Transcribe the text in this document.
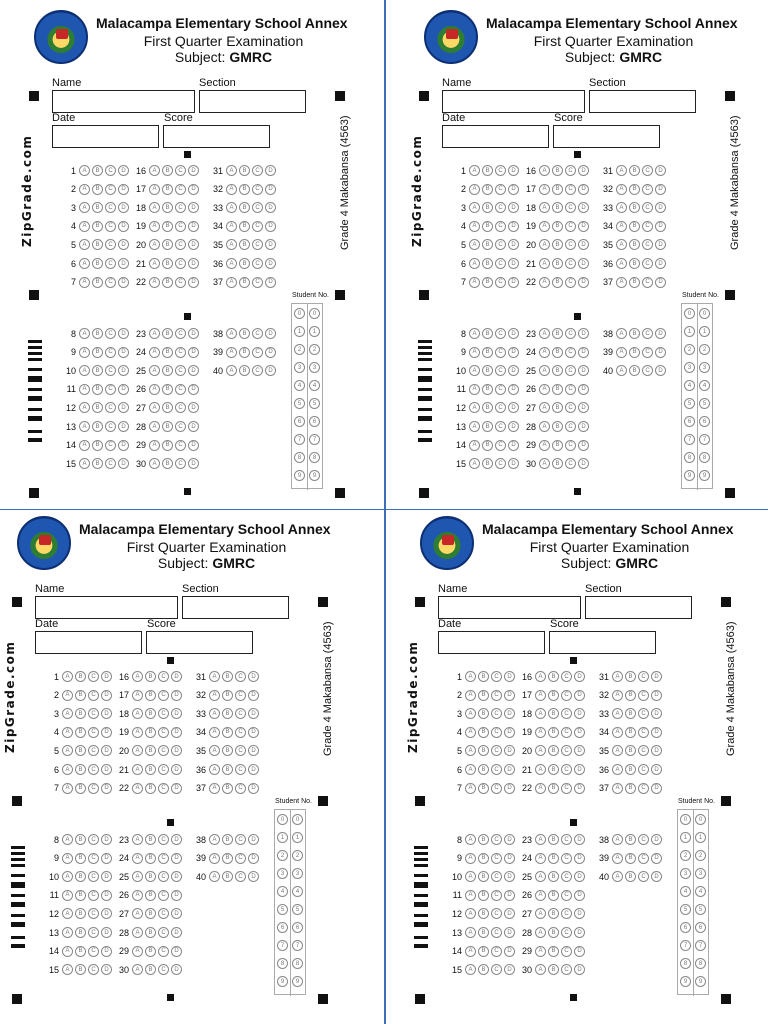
Malacampa Elementary School Annex
First Quarter Examination
Subject: GMRC
Name	Section
Date	Score
ZipGrade.com	Grade 4 Makabansa (4563)
1	A	B	C	D
2	A	B	C	D
3	A	B	C	D
4	A	B	C	D
5	A	B	C	D
6	A	B	C	D
7	A	B	C	D
16	A	B	C	D
17	A	B	C	D
18	A	B	C	D
19	A	B	C	D
20	A	B	C	D
21	A	B	C	D
22	A	B	C	D
31	A	B	C	D
32	A	B	C	D
33	A	B	C	D
34	A	B	C	D
35	A	B	C	D
36	A	B	C	D
37	A	B	C	D
8	A	B	C	D
9	A	B	C	D
10	A	B	C	D
11	A	B	C	D
12	A	B	C	D
13	A	B	C	D
14	A	B	C	D
15	A	B	C	D
23	A	B	C	D
24	A	B	C	D
25	A	B	C	D
26	A	B	C	D
27	A	B	C	D
28	A	B	C	D
29	A	B	C	D
30	A	B	C	D
38	A	B	C	D
39	A	B	C	D
40	A	B	C	D
Student No.
0	0
1	1
2	2
3	3
4	4
5	5
6	6
7	7
8	8
9	9
Malacampa Elementary School Annex
First Quarter Examination
Subject: GMRC
Name	Section
Date	Score
ZipGrade.com	Grade 4 Makabansa (4563)
1	A	B	C	D
2	A	B	C	D
3	A	B	C	D
4	A	B	C	D
5	A	B	C	D
6	A	B	C	D
7	A	B	C	D
16	A	B	C	D
17	A	B	C	D
18	A	B	C	D
19	A	B	C	D
20	A	B	C	D
21	A	B	C	D
22	A	B	C	D
31	A	B	C	D
32	A	B	C	D
33	A	B	C	D
34	A	B	C	D
35	A	B	C	D
36	A	B	C	D
37	A	B	C	D
8	A	B	C	D
9	A	B	C	D
10	A	B	C	D
11	A	B	C	D
12	A	B	C	D
13	A	B	C	D
14	A	B	C	D
15	A	B	C	D
23	A	B	C	D
24	A	B	C	D
25	A	B	C	D
26	A	B	C	D
27	A	B	C	D
28	A	B	C	D
29	A	B	C	D
30	A	B	C	D
38	A	B	C	D
39	A	B	C	D
40	A	B	C	D
Student No.
0	0
1	1
2	2
3	3
4	4
5	5
6	6
7	7
8	8
9	9
Malacampa Elementary School Annex
First Quarter Examination
Subject: GMRC
Name	Section
Date	Score
ZipGrade.com	Grade 4 Makabansa (4563)
1	A	B	C	D
2	A	B	C	D
3	A	B	C	D
4	A	B	C	D
5	A	B	C	D
6	A	B	C	D
7	A	B	C	D
16	A	B	C	D
17	A	B	C	D
18	A	B	C	D
19	A	B	C	D
20	A	B	C	D
21	A	B	C	D
22	A	B	C	D
31	A	B	C	D
32	A	B	C	D
33	A	B	C	D
34	A	B	C	D
35	A	B	C	D
36	A	B	C	D
37	A	B	C	D
8	A	B	C	D
9	A	B	C	D
10	A	B	C	D
11	A	B	C	D
12	A	B	C	D
13	A	B	C	D
14	A	B	C	D
15	A	B	C	D
23	A	B	C	D
24	A	B	C	D
25	A	B	C	D
26	A	B	C	D
27	A	B	C	D
28	A	B	C	D
29	A	B	C	D
30	A	B	C	D
38	A	B	C	D
39	A	B	C	D
40	A	B	C	D
Student No.
0	0
1	1
2	2
3	3
4	4
5	5
6	6
7	7
8	8
9	9
Malacampa Elementary School Annex
First Quarter Examination
Subject: GMRC
Name	Section
Date	Score
ZipGrade.com	Grade 4 Makabansa (4563)
1	A	B	C	D
2	A	B	C	D
3	A	B	C	D
4	A	B	C	D
5	A	B	C	D
6	A	B	C	D
7	A	B	C	D
16	A	B	C	D
17	A	B	C	D
18	A	B	C	D
19	A	B	C	D
20	A	B	C	D
21	A	B	C	D
22	A	B	C	D
31	A	B	C	D
32	A	B	C	D
33	A	B	C	D
34	A	B	C	D
35	A	B	C	D
36	A	B	C	D
37	A	B	C	D
8	A	B	C	D
9	A	B	C	D
10	A	B	C	D
11	A	B	C	D
12	A	B	C	D
13	A	B	C	D
14	A	B	C	D
15	A	B	C	D
23	A	B	C	D
24	A	B	C	D
25	A	B	C	D
26	A	B	C	D
27	A	B	C	D
28	A	B	C	D
29	A	B	C	D
30	A	B	C	D
38	A	B	C	D
39	A	B	C	D
40	A	B	C	D
Student No.
0	0
1	1
2	2
3	3
4	4
5	5
6	6
7	7
8	8
9	9
